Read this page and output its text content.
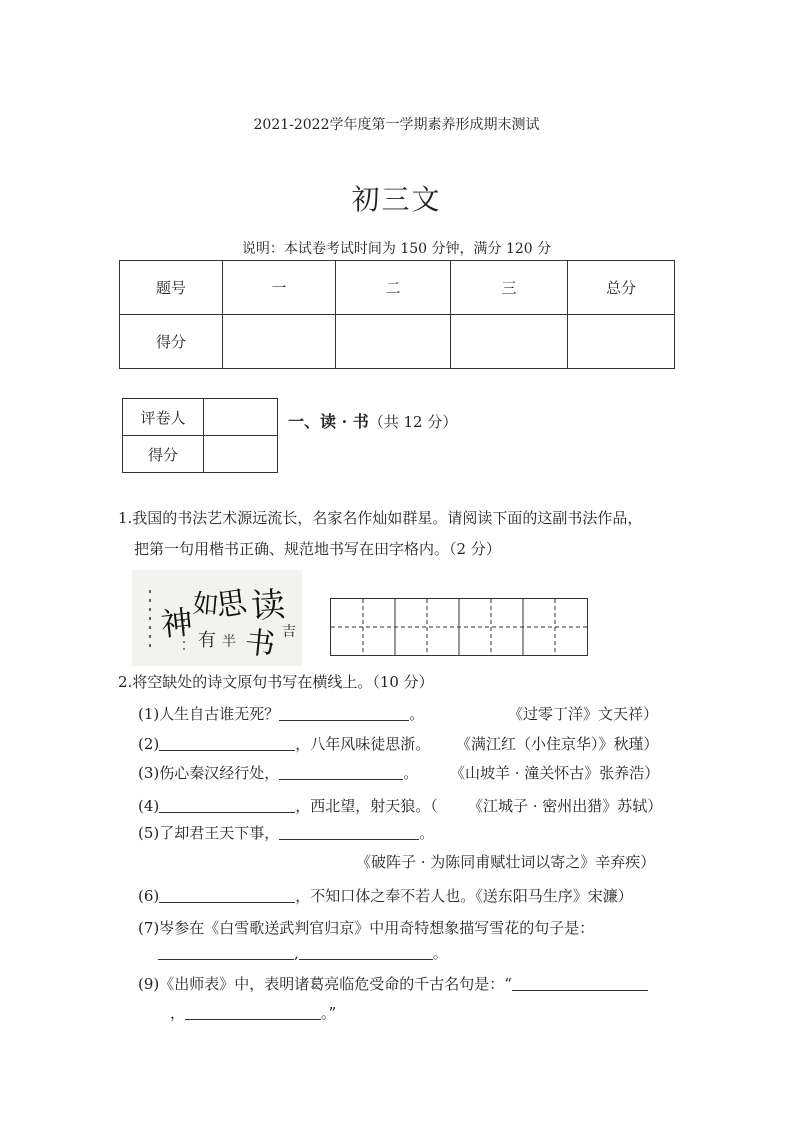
2021-2022学年度第一学期素养形成期末测试
初三文
说明：本试卷考试时间为 150 分钟，满分 120 分
题号	一	二	三	总分
得分				
评卷人	
得分	
一、读 · 书（共 12 分）
1.我国的书法艺术源远流长，名家名作灿如群星。请阅读下面的这副书法作品，
把第一句用楷书正确、规范地书写在田字格内。（2 分）
读
书
思
如
神	吉
有 半
2.将空缺处的诗文原句书写在横线上。（10 分）
(1)人生自古谁无死？	。	《过零丁洋》文天祥）
(2)	，八年风味徒思浙。 《满江红（小住京华）》秋瑾）
(3)伤心秦汉经行处，	。 《山坡羊 · 潼关怀古》张养浩）
(4)	，西北望，射天狼。（ 《江城子 · 密州出猎》苏轼）
(5)了却君王天下事，	。
《破阵子 · 为陈同甫赋壮词以寄之》辛弃疾）
(6)	，不知口体之奉不若人也。《送东阳马生序》宋濂）
(7)岑参在《白雪歌送武判官归京》中用奇特想象描写雪花的句子是：
,	。
(9)《出师表》中，表明诸葛亮临危受命的千古名句是：“
，	。”
